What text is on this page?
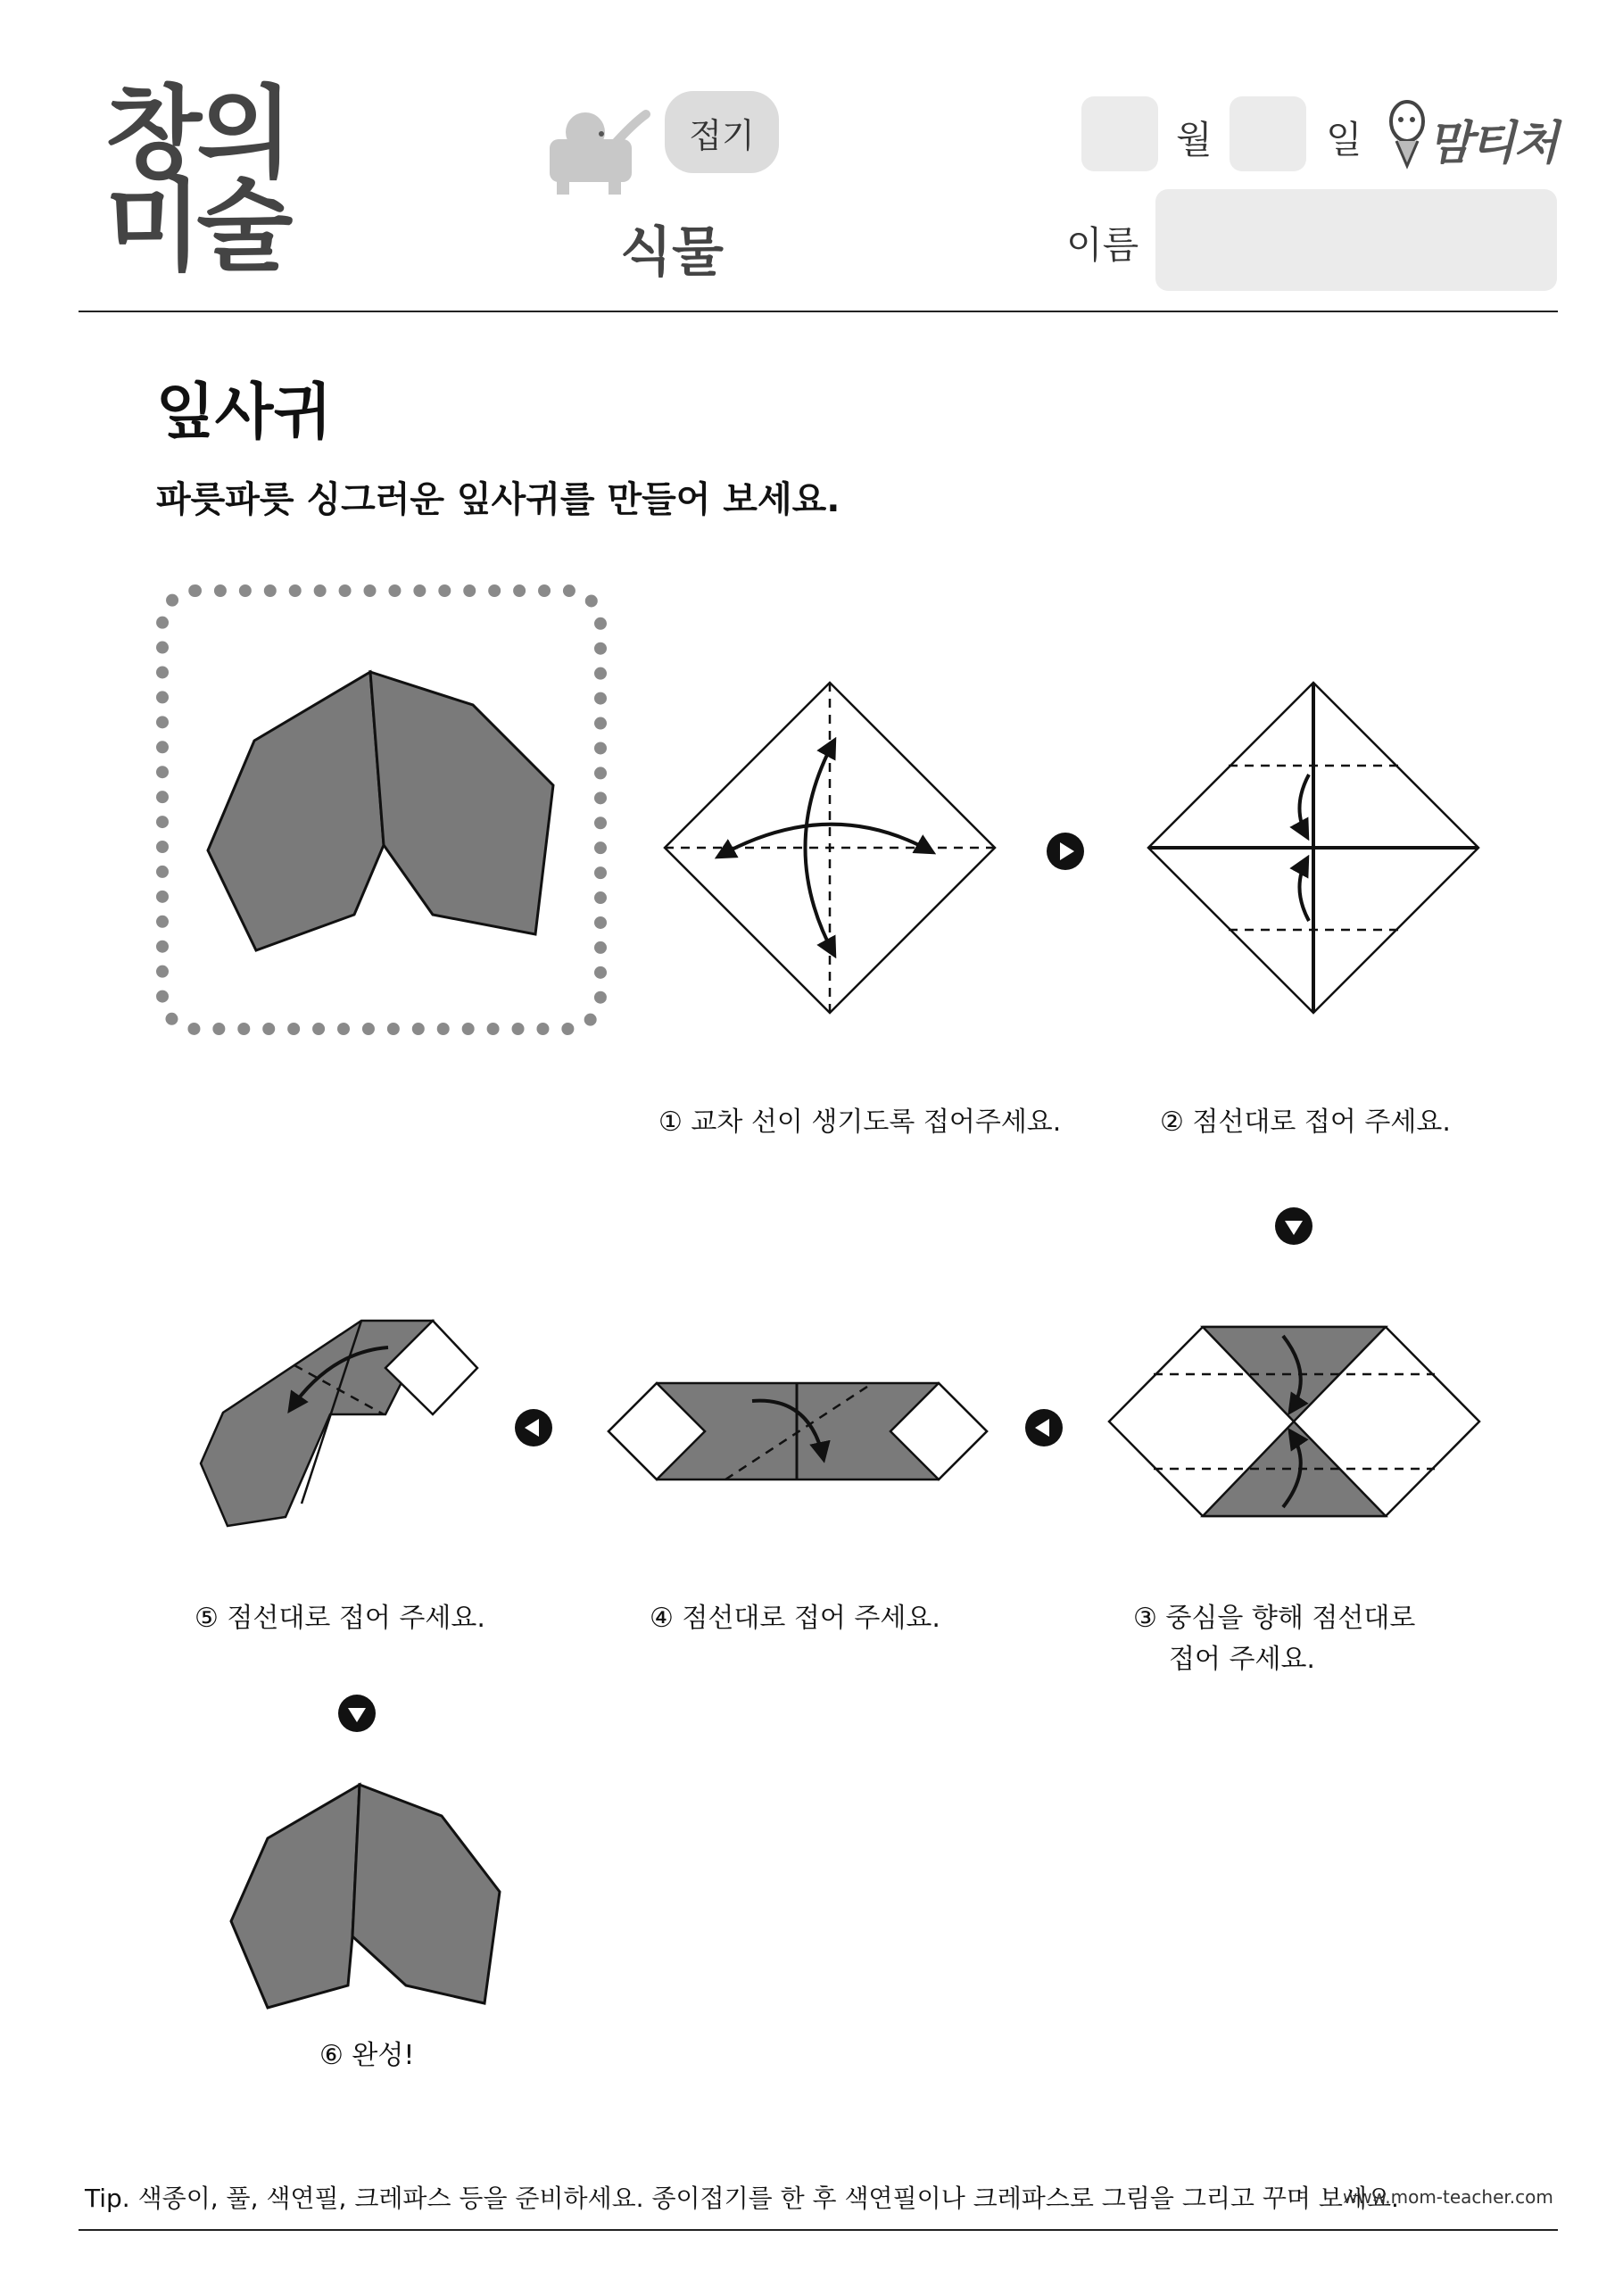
창의
미술
접기
식물
월	일 맘티처
이름
잎사귀
파릇파릇 싱그러운 잎사귀를 만들어 보세요.
① 교차 선이 생기도록 접어주세요.	② 점선대로 접어 주세요.
③ 중심을 향해 점선대로
접어 주세요.
④ 점선대로 접어 주세요.
⑤ 점선대로 접어 주세요.
⑥ 완성!
Tip. 색종이, 풀, 색연필, 크레파스 등을 준비하세요. 종이접기를 한 후 색연필이나 크레파스로 그림을 그리고 꾸며 보세요.
www.mom-teacher.com
